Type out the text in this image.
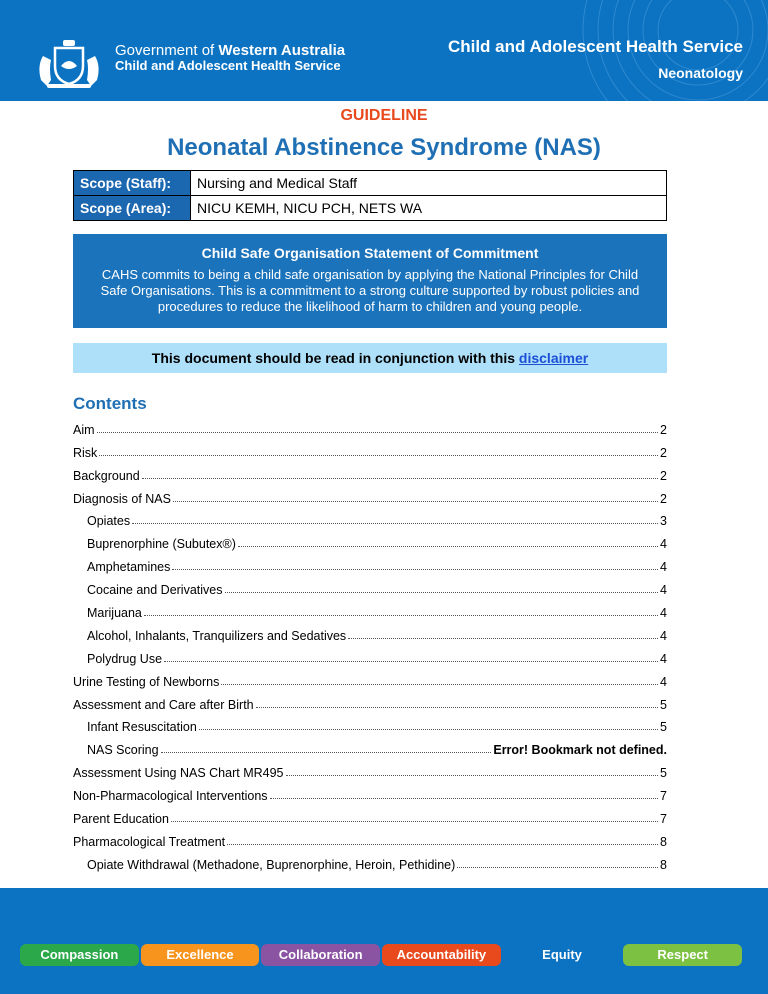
Government of Western Australia
Child and Adolescent Health Service
Child and Adolescent Health Service
Neonatology
GUIDELINE
Neonatal Abstinence Syndrome (NAS)
Scope (Staff):	Nursing and Medical Staff
Scope (Area):	NICU KEMH, NICU PCH, NETS WA
Child Safe Organisation Statement of Commitment

CAHS commits to being a child safe organisation by applying the National Principles for Child Safe Organisations. This is a commitment to a strong culture supported by robust policies and procedures to reduce the likelihood of harm to children and young people.

This document should be read in conjunction with this disclaimer
Contents
Aim	2
Risk	2
Background	2
Diagnosis of NAS	2
Opiates	3
Buprenorphine (Subutex®)	4
Amphetamines	4
Cocaine and Derivatives	4
Marijuana	4
Alcohol, Inhalants, Tranquilizers and Sedatives	4
Polydrug Use	4
Urine Testing of Newborns	4
Assessment and Care after Birth	5
Infant Resuscitation	5
NAS Scoring	Error! Bookmark not defined.
Assessment Using NAS Chart MR495	5
Non-Pharmacological Interventions	7
Parent Education	7
Pharmacological Treatment	8
Opiate Withdrawal (Methadone, Buprenorphine, Heroin, Pethidine)	8
Compassion	Excellence	Collaboration	Accountability	Equity	Respect
